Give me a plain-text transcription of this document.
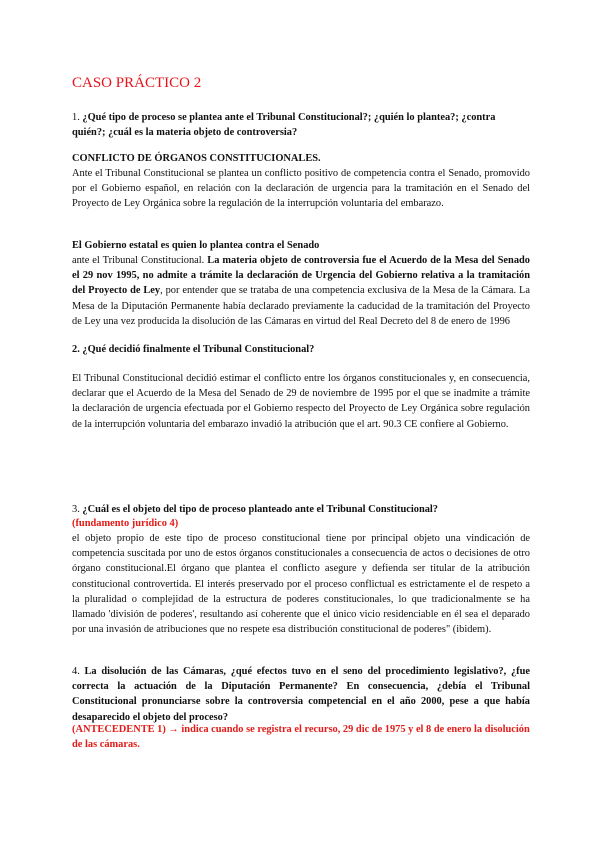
CASO PRÁCTICO 2

1. ¿Qué tipo de proceso se plantea ante el Tribunal Constitucional?; ¿quién lo plantea?; ¿contra quién?; ¿cuál es la materia objeto de controversia?

CONFLICTO DE ÓRGANOS CONSTITUCIONALES.

Ante el Tribunal Constitucional se plantea un conflicto positivo de competencia contra el Senado, promovido por el Gobierno español, en relación con la declaración de urgencia para la tramitación en el Senado del Proyecto de Ley Orgánica sobre la regulación de la interrupción voluntaria del embarazo.

El Gobierno estatal es quien lo plantea contra el Senado

ante el Tribunal Constitucional. La materia objeto de controversia fue el Acuerdo de la Mesa del Senado el 29 nov 1995, no admite a trámite la declaración de Urgencia del Gobierno relativa a la tramitación del Proyecto de Ley, por entender que se trataba de una competencia exclusiva de la Mesa de la Cámara. La Mesa de la Diputación Permanente había declarado previamente la caducidad de la tramitación del Proyecto de Ley una vez producida la disolución de las Cámaras en virtud del Real Decreto del 8 de enero de 1996

2. ¿Qué decidió finalmente el Tribunal Constitucional?

El Tribunal Constitucional decidió estimar el conflicto entre los órganos constitucionales y, en consecuencia, declarar que el Acuerdo de la Mesa del Senado de 29 de noviembre de 1995 por el que se inadmite a trámite la declaración de urgencia efectuada por el Gobierno respecto del Proyecto de Ley Orgánica sobre regulación de la interrupción voluntaria del embarazo invadió la atribución que el art. 90.3 CE confiere al Gobierno.

3. ¿Cuál es el objeto del tipo de proceso planteado ante el Tribunal Constitucional?

(fundamento jurídico 4)

el objeto propio de este tipo de proceso constitucional tiene por principal objeto una vindicación de competencia suscitada por uno de estos órganos constitucionales a consecuencia de actos o decisiones de otro órgano constitucional.El órgano que plantea el conflicto asegure y defienda ser titular de la atribución constitucional controvertida. El interés preservado por el proceso conflictual es estrictamente el de respeto a la pluralidad o complejidad de la estructura de poderes constitucionales, lo que tradicionalmente se ha llamado 'división de poderes', resultando así coherente que el único vicio residenciable en él sea el deparado por una invasión de atribuciones que no respete esa distribución constitucional de poderes" (ibidem).

4. La disolución de las Cámaras, ¿qué efectos tuvo en el seno del procedimiento legislativo?, ¿fue correcta la actuación de la Diputación Permanente? En consecuencia, ¿debía el Tribunal Constitucional pronunciarse sobre la controversia competencial en el año 2000, pese a que había desaparecido el objeto del proceso?

(ANTECEDENTE 1) → indica cuando se registra el recurso, 29 dic de 1975 y el 8 de enero la disolución de las cámaras.
